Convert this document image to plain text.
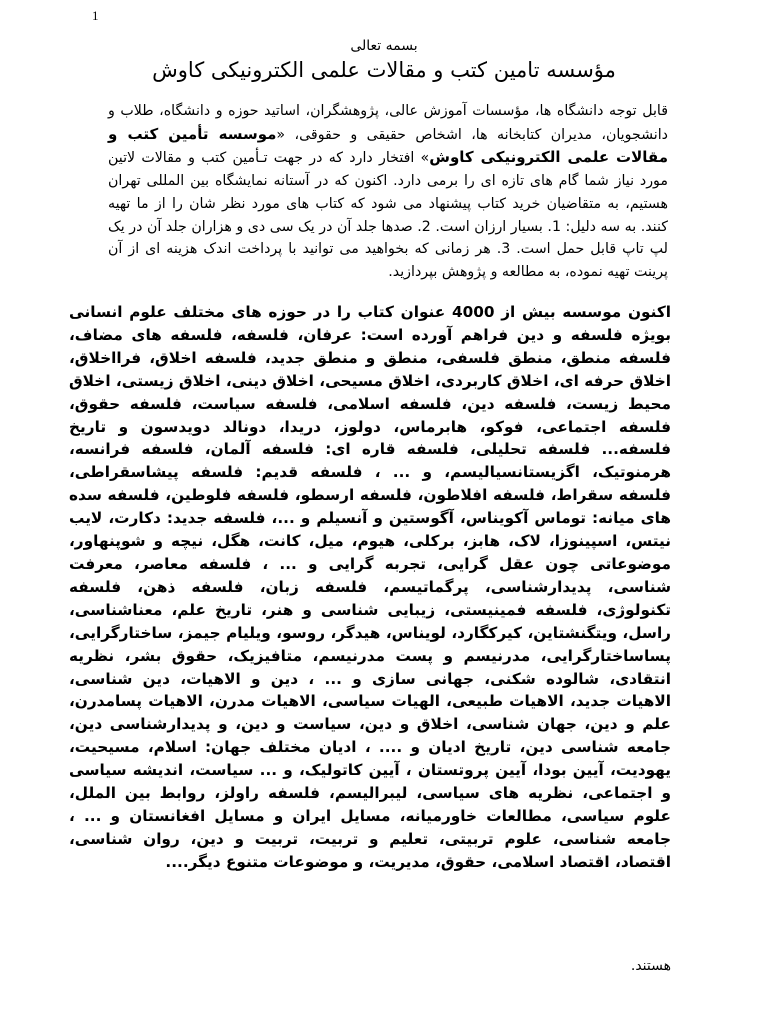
1
بسمه تعالی
مؤسسه تامین کتب و مقالات علمی الکترونیکی کاوش

قابل توجه دانشگاه ها، مؤسسات آموزش عالی، پژوهشگران، اساتید حوزه و دانشگاه، طلاب و دانشجویان، مدیران کتابخانه ها، اشخاص حقیقی و حقوقی، «موسسه تأمین کتب و مقالات علمی الکترونیکی کاوش» افتخار دارد که در جهت تـأمین کتب و مقالات لاتین مورد نیاز شما گام های تازه ای را برمی دارد. اکنون که در آستانه نمایشگاه بین المللی تهران هستیم، به متقاضیان خرید کتاب پیشنهاد می شود که کتاب های مورد نظر شان را از ما تهیه کنند. به سه دلیل: 1. بسیار ارزان است. 2. صدها جلد آن در یک سی دی و هزاران جلد آن در یک لپ تاپ قابل حمل است. 3. هر زمانی که بخواهید می توانید با پرداخت اندک هزینه ای از آن پرینت تهیه نموده، به مطالعه و پژوهش بپردازید.

اکنون موسسه بیش از 4000 عنوان کتاب را در حوزه های مختلف علوم انسانی بویژه فلسفه و دین فراهم آورده است: عرفان، فلسفه، فلسفه های مضاف، فلسفه منطق، منطق فلسفی، منطق و منطق جدید، فلسفه اخلاق، فرااخلاق، اخلاق حرفه ای، اخلاق کاربردی، اخلاق مسیحی، اخلاق دینی، اخلاق زیستی، اخلاق محیط زیست، فلسفه دین، فلسفه اسلامی، فلسفه سیاست، فلسفه حقوق، فلسفه اجتماعی، فوکو، هابرماس، دولوز، دریدا، دونالد دویدسون و تاریخ فلسفه... فلسفه تحلیلی، فلسفه قاره ای: فلسفه آلمان، فلسفه فرانسه، هرمنوتیک، اگزیستانسیالیسم، و ... ، فلسفه قدیم: فلسفه پیشاسقراطی، فلسفه سقراط، فلسفه افلاطون، فلسفه ارسطو، فلسفه فلوطین، فلسفه سده های میانه: توماس آکویناس، آگوستین و آنسیلم و ...، فلسفه جدید: دکارت، لایب نیتس، اسپینوزا، لاک، هابز، برکلی، هیوم، میل، کانت، هگل، نیچه و شوپنهاور، موضوعاتی چون عقل گرایی، تجربه گرایی و ... ، فلسفه معاصر، معرفت شناسی، پدیدارشناسی، پرگماتیسم، فلسفه زبان، فلسفه ذهن، فلسفه تکنولوژی، فلسفه فمینیستی، زیبایی شناسی و هنر، تاریخ علم، معناشناسی، راسل، ویتگنشتاین، کیرکگارد، لویناس، هیدگر، روسو، ویلیام جیمز، ساختارگرایی، پساساختارگرایی، مدرنیسم و پست مدرنیسم، متافیزیک، حقوق بشر، نظریه انتقادی، شالوده شکنی، جهانی سازی و ... ، دین و الاهیات، دین شناسی، الاهیات جدید، الاهیات طبیعی، الهیات سیاسی، الاهیات مدرن، الاهیات پسامدرن، علم و دین، جهان شناسی، اخلاق و دین، سیاست و دین، و پدیدارشناسی دین، جامعه شناسی دین، تاریخ ادیان و .... ، ادیان مختلف جهان: اسلام، مسیحیت، یهودیت، آیین بودا، آیین پروتستان ، آیین کاتولیک، و ... سیاست، اندیشه سیاسی و اجتماعی، نظریه های سیاسی، لیبرالیسم، فلسفه راولز، روابط بین الملل، علوم سیاسی، مطالعات خاورمیانه، مسایل ایران و مسایل افغانستان و ... ، جامعه شناسی، علوم تربیتی، تعلیم و تربیت، تربیت و دین، روان شناسی، اقتصاد، اقتصاد اسلامی، حقوق، مدیریت، و موضوعات متنوع دیگر....

هستند.
